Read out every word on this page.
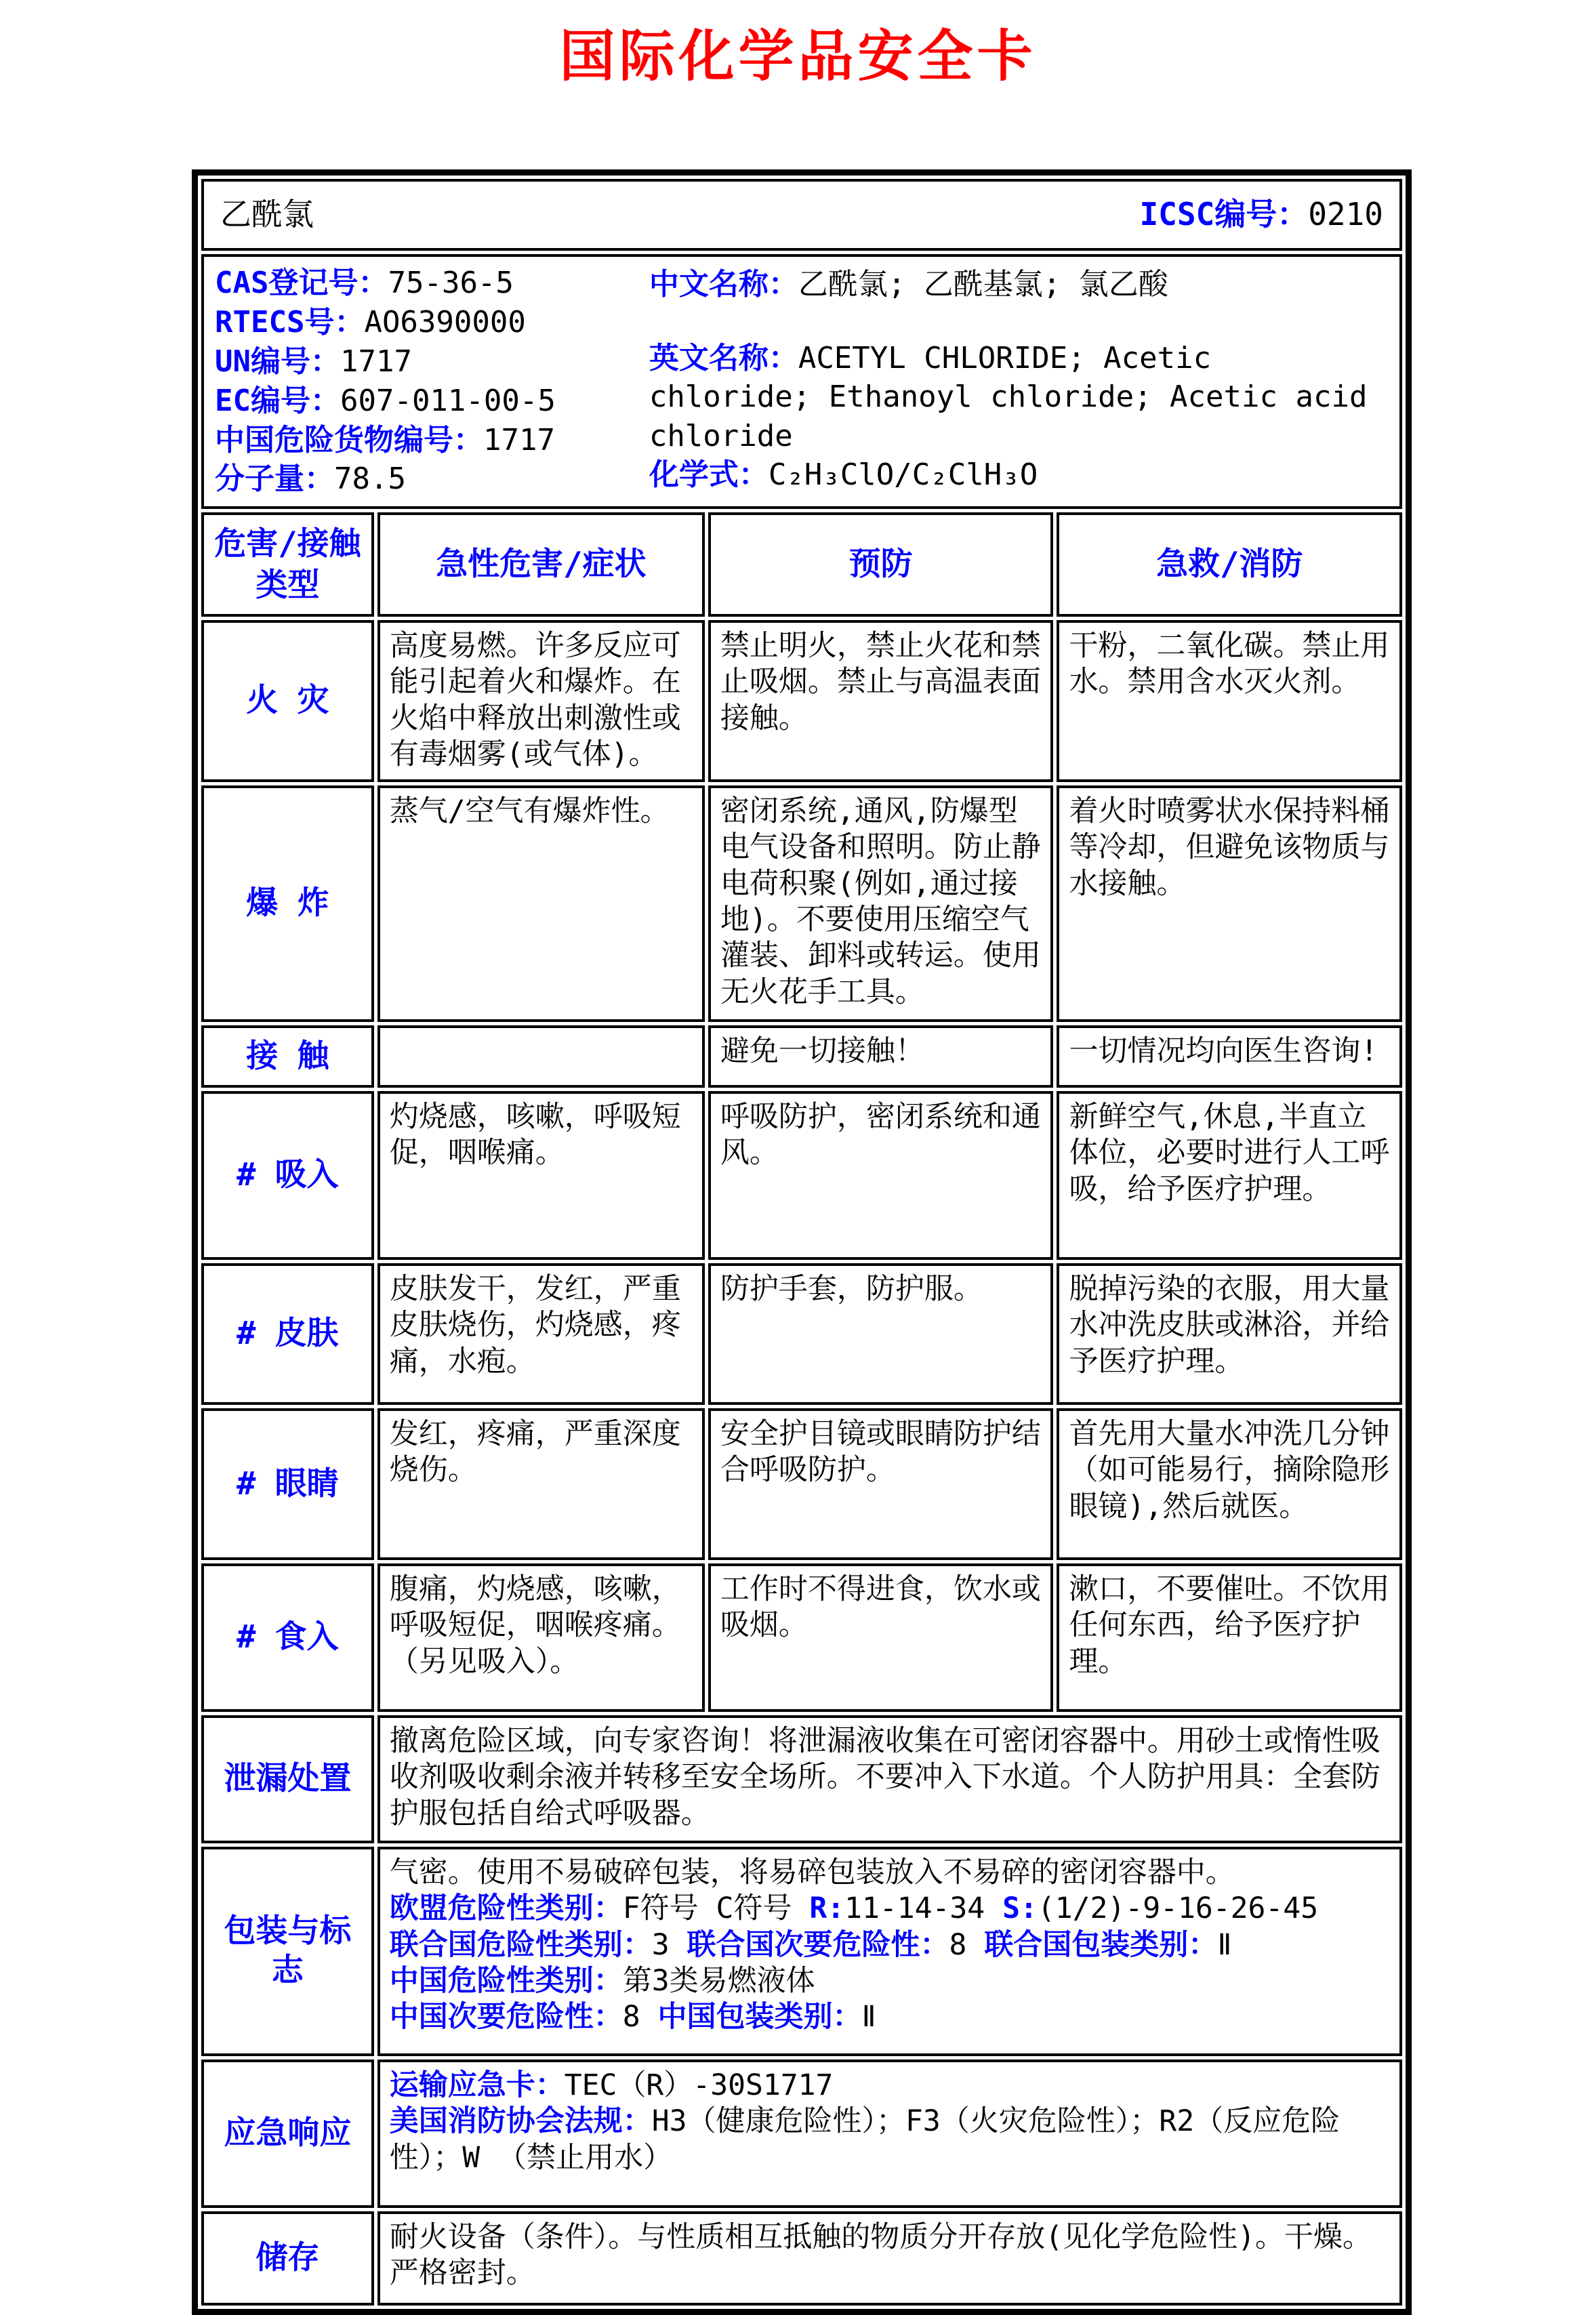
国际化学品安全卡
乙酰氯 ICSC编号：0210			

CAS登记号：75-36-5
RTECS号：AO6390000
UN编号：1717
EC编号：607-011-00-5
中国危险货物编号：1717
分子量：78.5
中文名称：乙酰氯; 乙酰基氯; 氯乙酸
英文名称：ACETYL CHLORIDE; Acetic chloride; Ethanoyl chloride; Acetic acid chloride
化学式：C₂H₃ClO/C₂ClH₃O

危害/接触类型	急性危害/症状	预防	急救/消防
火 灾	高度易燃。许多反应可能引起着火和爆炸。在火焰中释放出刺激性或有毒烟雾(或气体)。	禁止明火，禁止火花和禁止吸烟。禁止与高温表面接触。	干粉，二氧化碳。禁止用水。禁用含水灭火剂。
爆 炸	蒸气/空气有爆炸性。	密闭系统,通风,防爆型电气设备和照明。防止静电荷积聚(例如,通过接地)。不要使用压缩空气灌装、卸料或转运。使用无火花手工具。	着火时喷雾状水保持料桶等冷却，但避免该物质与水接触。
接 触		避免一切接触！	一切情况均向医生咨询!
# 吸入	灼烧感，咳嗽，呼吸短促，咽喉痛。	呼吸防护，密闭系统和通风。	新鲜空气,休息,半直立体位，必要时进行人工呼吸，给予医疗护理。
# 皮肤	皮肤发干，发红，严重皮肤烧伤，灼烧感，疼痛，水疱。	防护手套，防护服。	脱掉污染的衣服，用大量水冲洗皮肤或淋浴，并给予医疗护理。
# 眼睛	发红，疼痛，严重深度烧伤。	安全护目镜或眼睛防护结合呼吸防护。	首先用大量水冲洗几分钟（如可能易行，摘除隐形眼镜),然后就医。
# 食入	腹痛，灼烧感，咳嗽，呼吸短促，咽喉疼痛。（另见吸入）。	工作时不得进食，饮水或吸烟。	漱口，不要催吐。不饮用任何东西，给予医疗护理。
泄漏处置	撤离危险区域，向专家咨询！将泄漏液收集在可密闭容器中。用砂土或惰性吸收剂吸收剩余液并转移至安全场所。不要冲入下水道。个人防护用具：全套防护服包括自给式呼吸器。		

包装与标志	气密。使用不易破碎包装，将易碎包装放入不易碎的密闭容器中。
欧盟危险性类别：F符号 C符号 R:11-14-34 S:(1/2)-9-16-26-45
联合国危险性类别：3 联合国次要危险性：8 联合国包装类别：Ⅱ
中国危险性类别：第3类易燃液体
中国次要危险性：8 中国包装类别：Ⅱ		

应急响应	运输应急卡：TEC（R）-30S1717
美国消防协会法规：H3（健康危险性）；F3（火灾危险性）；R2（反应危险性）；W （禁止用水）		

储存	耐火设备（条件）。与性质相互抵触的物质分开存放(见化学危险性)。干燥。严格密封。		
